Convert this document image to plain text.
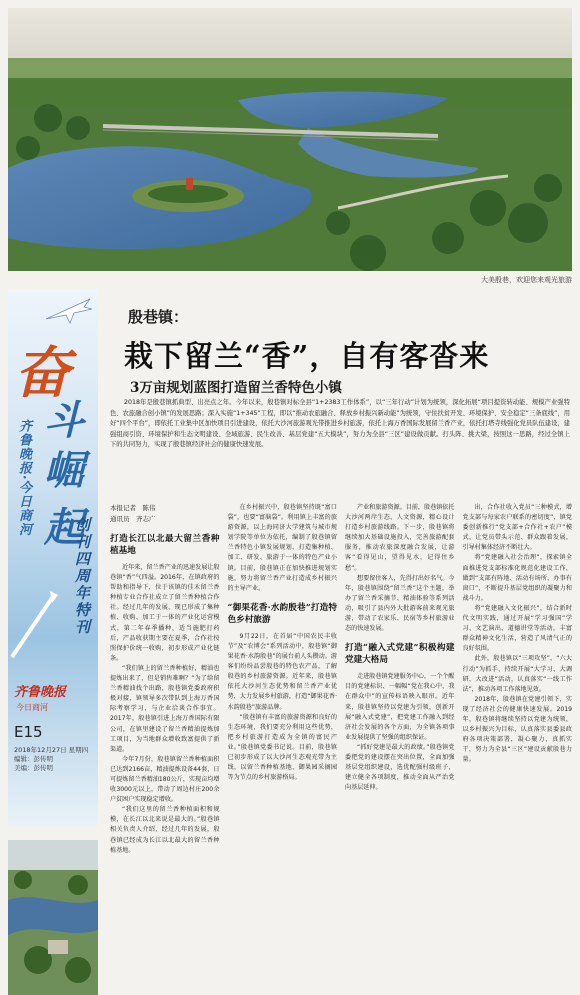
大美殷巷，欢迎您来观光旅游
奋
斗
崛起
齐鲁晚报·今日商河
创刊四周年特刊
齐鲁晚报
今日商河
E15
2018年12月27日 星期四
编辑：彭传明
美编：彭传明
殷巷镇：
栽下留兰“香”，自有客沓来
3万亩规划蓝图打造留兰香特色小镇

2018年是殷巷镇抓典型、出亮点之年。今年以来，殷巷镇对标全县“1+2383工作体系”，以“三年行动”计划为统领，深化拓展“项目提资转动能、规模产业强特色、农旅融合创小镇”的发展思路；深入实施“1+345”工程，即以“推动农旅融合、释放乡村振兴新动能”为统领，守住扶贫开发、环境保护、安全稳定“三条底线”，用好“四个平台”，即依托工业集中区加快项目引进建设，依托大沙河旅游观光带推进乡村旅游，依托上海万香国际发展留兰香产业，依托打塔寺线强化党员队伍建设，建强组商引资、环境保护和生态文明建设、全域旅游、民生改善、基层党建“五大模块”，努力为全县“三区”建设做贡献。打头阵、挑大梁，按照这一思路，经过全镇上下的共同努力，实现了殷巷镇经济社会的健康快速发展。

本报记者　陈伟
通讯员　齐志广
打造长江以北最大留兰香种植基地

近年来，留兰香产业的迅速发展让殷巷镇“香”气四溢。2016年，在镇政府的帮助和指导下，位于该镇的佳禾留兰香种植专业合作社成立了留兰香种植合作社。经过几年的发展，现已形成了集种植、收购、加工于一体的产业化运营模式，第二年春季播种，适当施肥打药后，产品收获期主要在夏季，合作社按照保护价统一收购，初步形成产业化链条。

“我们镇上的留兰香种植好，精油也提炼出来了，但是销售难啊？”为了给留兰香精油找个出路，殷巷镇党委政府积极对接，镇领导多次带队到上海万香国际考察学习，与企业洽谈合作事宜。2017年，殷巷镇引进上海万香国际有限公司，在镇里建设了留兰香精油提炼加工项目，为当地群众增收致富提供了新渠道。

今年7月份，殷巷镇留兰香种植面积已达到2166亩，精油提炼设备44套，日可提炼留兰香精油180公斤，实现亩均增收3000元以上，带动了周边村庄200余户贫困户实现稳定增收。

“我们这里的留兰香种植面积和规模，在长江以北来说是最大的。”殷巷镇相关负责人介绍，经过几年的发展，殷巷镇已经成为长江以北最大的留兰香种植基地。

在乡村振兴中，殷巷镇坚持既“富口袋”，也要“富脑袋”。利用镇上丰富的旅游资源，以上海同济大学建筑与城市规划学院等单位为依托，编制了殷巷镇留兰香特色小镇发展规划，打造集种植、加工、研发、旅游于一体的特色产业小镇。目前，殷巷镇正在加快推进规划实施，努力将留兰香产业打造成乡村振兴的主导产业。

“御果花香·水韵殷巷”打造特色乡村旅游

9月22日，在首届“中国农民丰收节”及“农博会”系列活动中，殷巷镇“御果花香·水韵殷巷”的展台前人头攒动。游客们纷纷品尝殷巷的特色农产品，了解殷巷的乡村旅游资源。近年来，殷巷镇依托大沙河生态优势和留兰香产业优势，大力发展乡村旅游，打造“御果花香·水韵殷巷”旅游品牌。

“殷巷镇有丰富的旅游资源和良好的生态环境，我们要充分利用这些优势，把乡村旅游打造成为全镇的富民产业。”殷巷镇党委书记说。目前，殷巷镇已初步形成了以大沙河生态观光带为主线，以留兰香种植基地、御果园采摘园等为节点的乡村旅游格局。

产业和旅游资源。目前，殷巷镇依托大沙河两岸生态、人文资源，精心设计打造乡村旅游线路。下一步，殷巷镇将继续加大基础设施投入，完善旅游配套服务，推动农旅深度融合发展，让游客“看得见山，望得见水，记得住乡愁”。

想要留住客人，先得打出好名气。今年，殷巷镇围绕“留兰香”这个主题，举办了留兰香采摘节、精油体验等系列活动，吸引了县内外大批游客前来观光旅游，带动了农家乐、民宿等乡村旅游业态的快速发展。

打造“融入式党建”积极构建党建大格局

走进殷巷镇党建服务中心，一个个醒目的党建标识、一幅幅“党在我心中，我在群众中”的宣传标语映入眼帘。近年来，殷巷镇坚持以党建为引领，创新开展“融入式党建”，把党建工作融入到经济社会发展的各个方面，为全镇各项事业发展提供了坚强的组织保证。

“抓好党建是最大的政绩。”殷巷镇党委把党的建设摆在突出位置，全面加强基层党组织建设，选优配强村级班子，建立健全各项制度，推动全面从严治党向基层延伸。

出，合作社收入党员“三种模式，增党支部与每家农户联系的密切度”，镇党委创新推行“党支部+合作社+农户”模式，让党员带头示范、群众跟着发展，引导村集体经济不断壮大。

将“党建融入社会治理”，探索镇全面推进党支部标准化规范化建设工作，做到“支部有阵地、活动有场所、办事有窗口”，不断提升基层党组织的凝聚力和战斗力。

将“党建融入文化振兴”，结合新时代文明实践，通过开展“学习强国”学习、文艺演出、道德讲堂等活动，丰富群众精神文化生活，营造了风清气正的良好氛围。

此外，殷巷镇以“三项攻坚”、“六大行动”为抓手，持续开展“大学习、大调研、大改进”活动，认真落实“一线工作法”，推动各项工作落地见效。

2018年，殷巷镇在党建引领下，实现了经济社会的健康快速发展。2019年，殷巷镇将继续坚持以党建为统领，以乡村振兴为目标，认真落实县委县政府各项决策部署，凝心聚力，真抓实干，努力为全县“三区”建设贡献殷巷力量。
